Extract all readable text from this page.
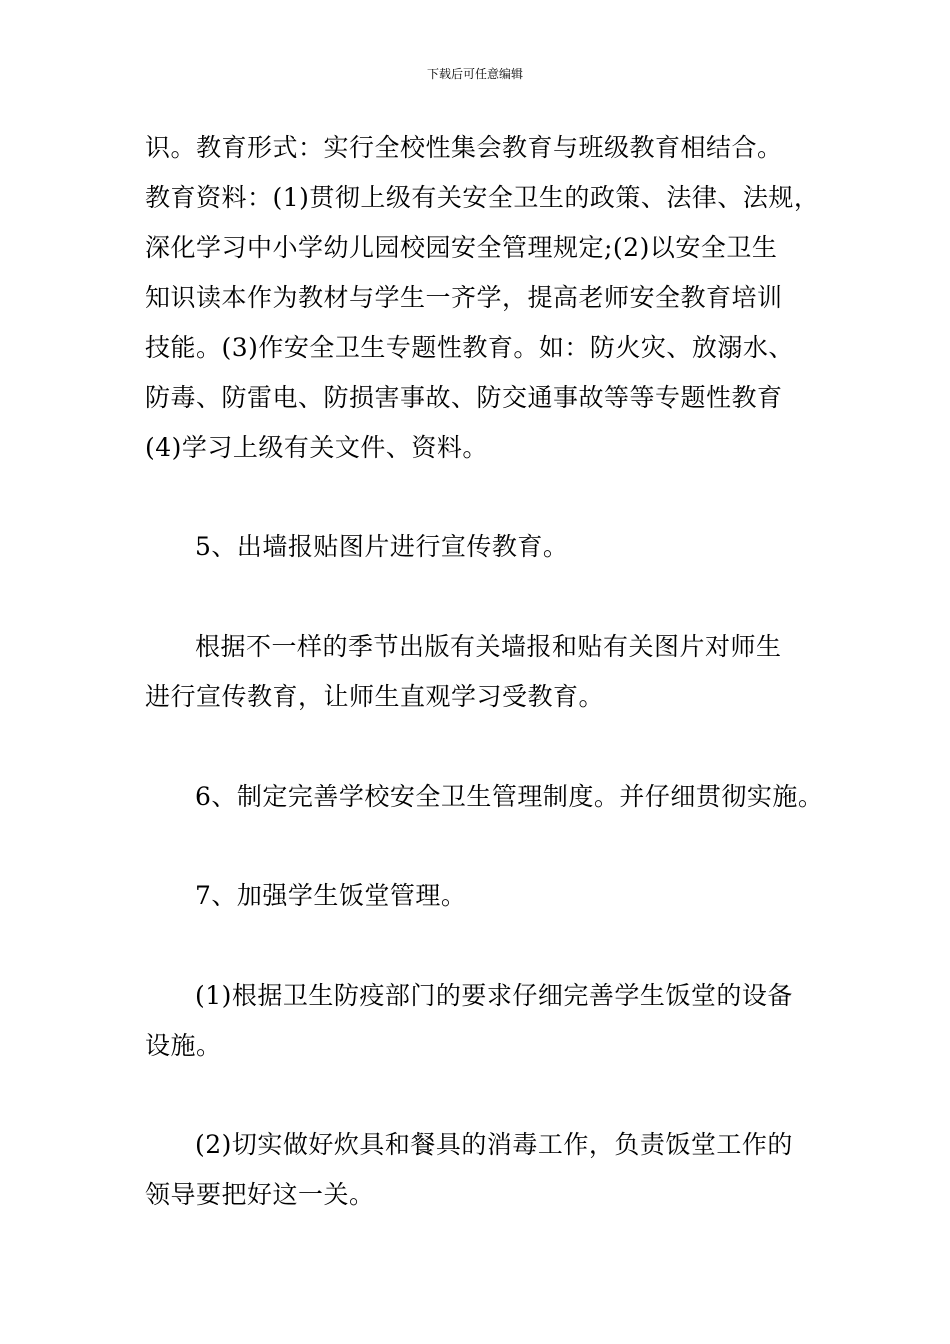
下载后可任意编辑
识。教育形式：实行全校性集会教育与班级教育相结合。
教育资料：(1)贯彻上级有关安全卫生的政策、法律、法规，
深化学习中小学幼儿园校园安全管理规定;(2)以安全卫生
知识读本作为教材与学生一齐学，提高老师安全教育培训
技能。(3)作安全卫生专题性教育。如：防火灾、放溺水、
防毒、防雷电、防损害事故、防交通事故等等专题性教育
(4)学习上级有关文件、资料。
5、出墙报贴图片进行宣传教育。
根据不一样的季节出版有关墙报和贴有关图片对师生
进行宣传教育，让师生直观学习受教育。
6、制定完善学校安全卫生管理制度。并仔细贯彻实施。
7、加强学生饭堂管理。
(1)根据卫生防疫部门的要求仔细完善学生饭堂的设备
设施。
(2)切实做好炊具和餐具的消毒工作，负责饭堂工作的
领导要把好这一关。
